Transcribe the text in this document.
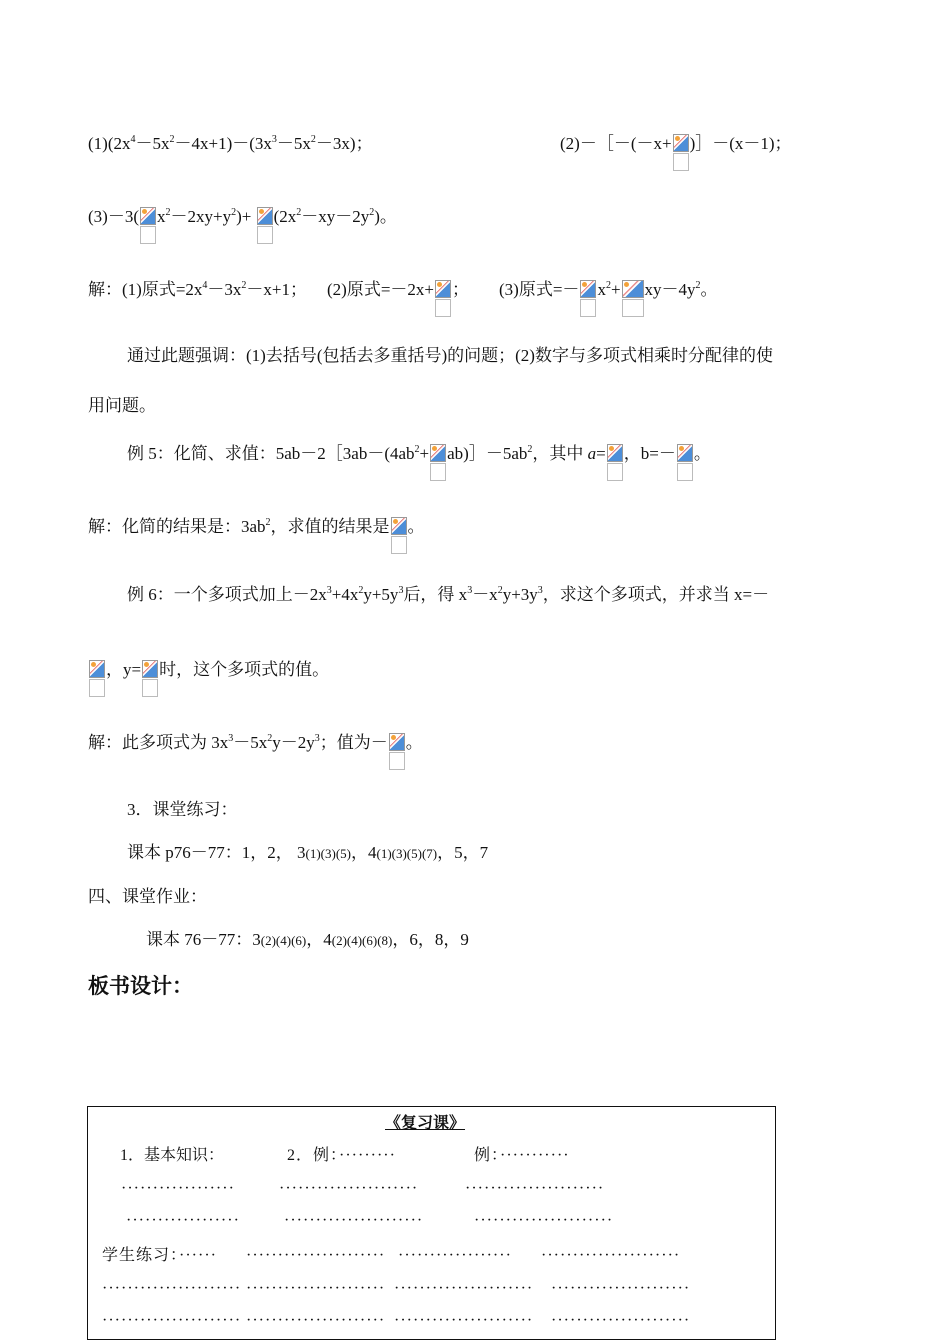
$(1)(2x^4-5x^2-4x+1)-(3x^3-5x^2-3x)$；	(2)－［－(－x+ )］－(x－1)；
(3)－3( $x^2-2xy+y^2)+$
$(2x^2-xy-2y^2)$。
解：(1)原式$=2x^4-3x^2-x+1$； (2)原式=－2x+ ； (3)原式=－ $x^2+ xy-4y^2$。
通过此题强调：(1)去括号(包括去多重括号)的问题；(2)数字与多项式相乘时分配律的使
用问题。
例 5：化简、求值：$5ab-2[3ab-(4ab^2+$ $ab)]-5ab^2$，其中 a= ，b=－ 。
解：化简的结果是：$3ab^2$，求值的结果是 。
例 6：一个多项式加上$-2x^3+4x^2y+5y^3$后，得 $x^3-x^2y+3y^3$，求这个多项式，并求当 x=－
，y= 时，这个多项式的值。
解：此多项式为 $3x^3-5x^2y-2y^3$；值为－ 。
3．课堂练习：
课本 p76－77：1，2， 3(1)(3)(5)，4(1)(3)(5)(7)，5，7
四、课堂作业：
课本 76－77：3(2)(4)(6)，4(2)(4)(6)(8)，6，8，9
板书设计：
《复习课》
1．基本知识：	2．例：·········	例：···········
··················	······················	······················
··················	······················	······················
学生练习：······ ······················ ·················· ······················
······················ ······················ ······················ ······················
······················ ······················ ······················ ······················
